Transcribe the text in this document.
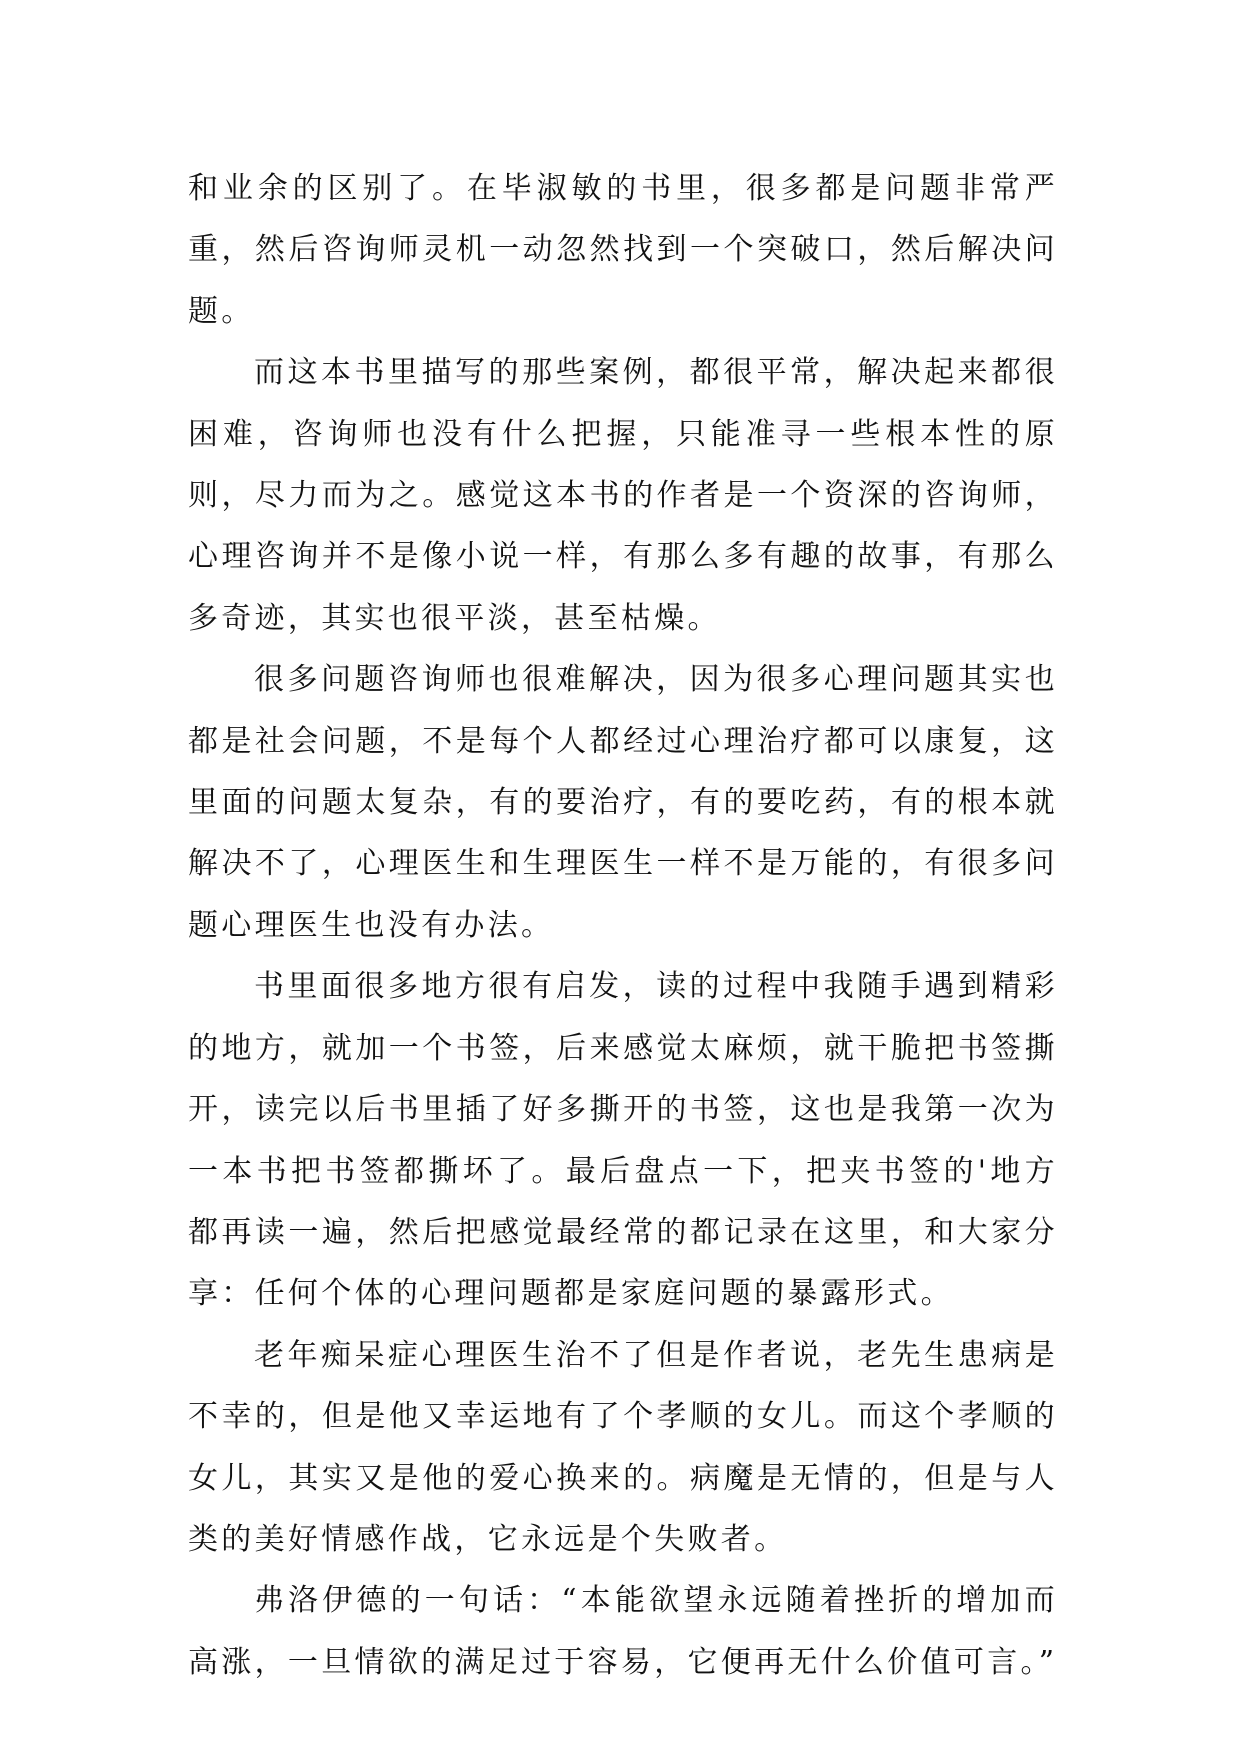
和业余的区别了。在毕淑敏的书里，很多都是问题非常严重，然后咨询师灵机一动忽然找到一个突破口，然后解决问题。

而这本书里描写的那些案例，都很平常，解决起来都很困难，咨询师也没有什么把握，只能准寻一些根本性的原则，尽力而为之。感觉这本书的作者是一个资深的咨询师，心理咨询并不是像小说一样，有那么多有趣的故事，有那么多奇迹，其实也很平淡，甚至枯燥。

很多问题咨询师也很难解决，因为很多心理问题其实也都是社会问题，不是每个人都经过心理治疗都可以康复，这里面的问题太复杂，有的要治疗，有的要吃药，有的根本就解决不了，心理医生和生理医生一样不是万能的，有很多问题心理医生也没有办法。

书里面很多地方很有启发，读的过程中我随手遇到精彩的地方，就加一个书签，后来感觉太麻烦，就干脆把书签撕开，读完以后书里插了好多撕开的书签，这也是我第一次为一本书把书签都撕坏了。最后盘点一下，把夹书签的'地方都再读一遍，然后把感觉最经常的都记录在这里，和大家分享：任何个体的心理问题都是家庭问题的暴露形式。

老年痴呆症心理医生治不了但是作者说，老先生患病是不幸的，但是他又幸运地有了个孝顺的女儿。而这个孝顺的女儿，其实又是他的爱心换来的。病魔是无情的，但是与人类的美好情感作战，它永远是个失败者。

弗洛伊德的一句话：“本能欲望永远随着挫折的增加而高涨，一旦情欲的满足过于容易，它便再无什么价值可言。”
